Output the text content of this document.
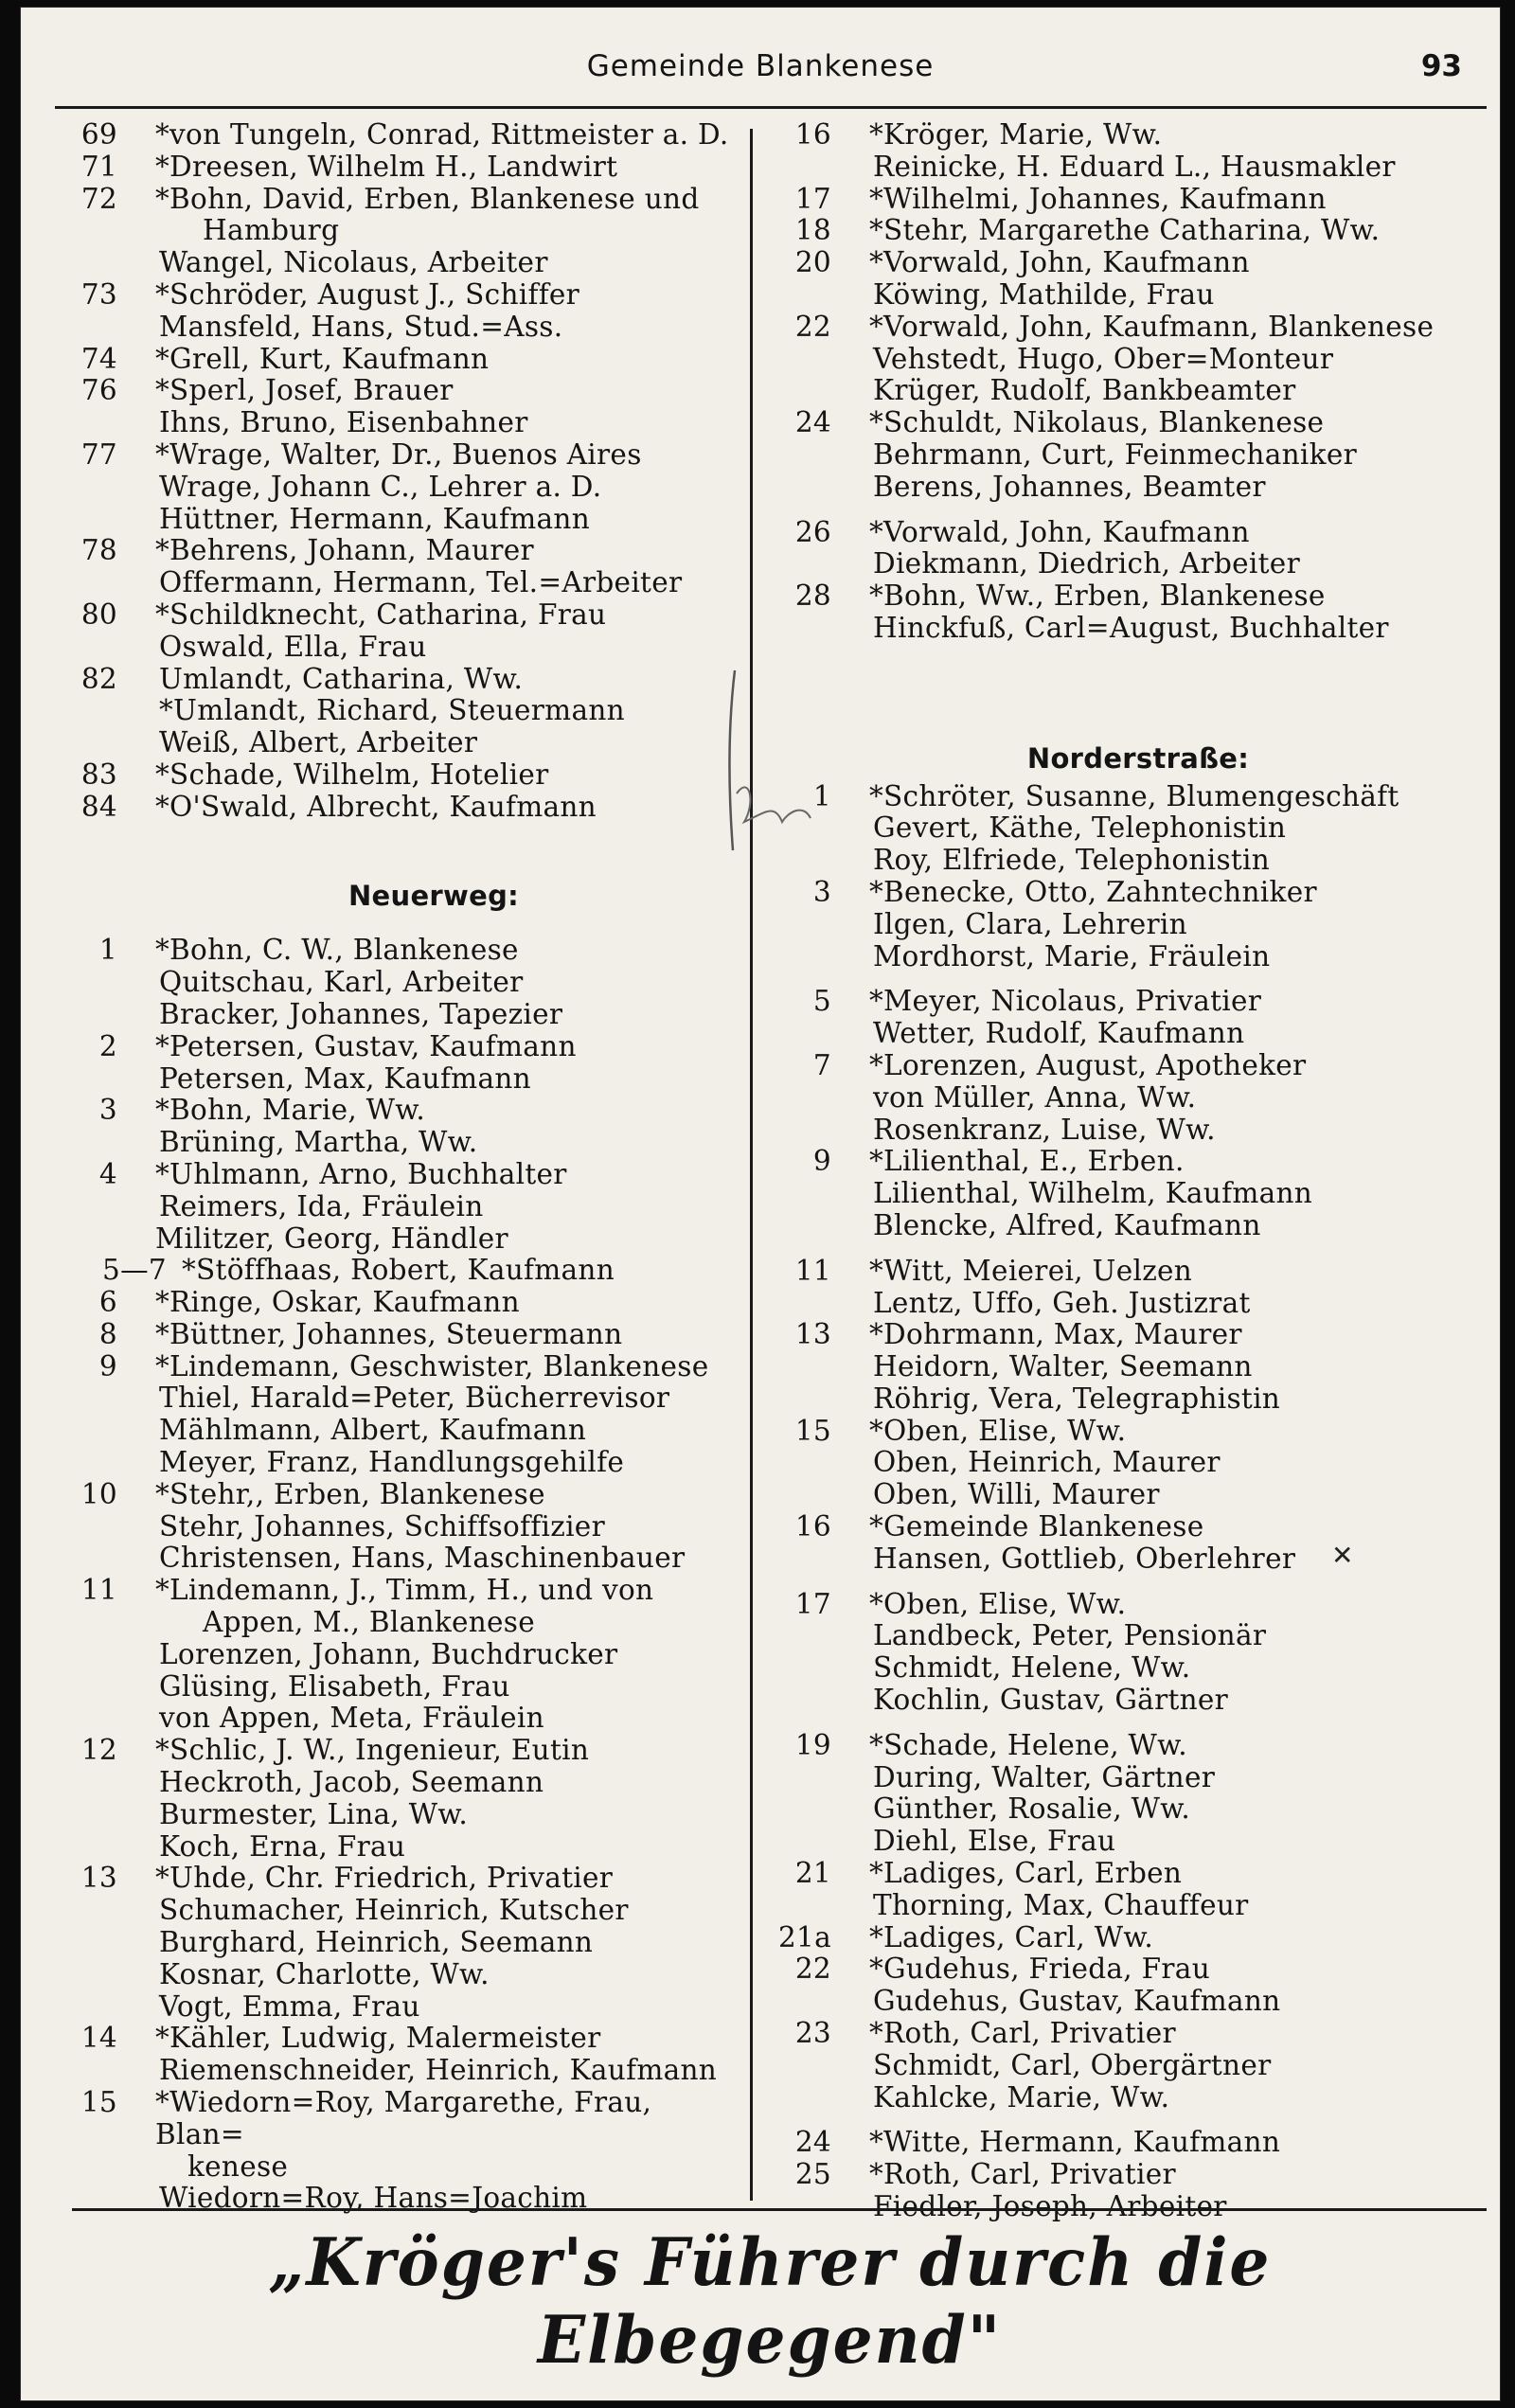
Gemeinde Blankenese	93
69	*von Tungeln, Conrad, Rittmeister a. D.
71	*Dreesen, Wilhelm H., Landwirt
72	*Bohn, David, Erben, Blankenese und
Hamburg
Wangel, Nicolaus, Arbeiter
73	*Schröder, August J., Schiffer
Mansfeld, Hans, Stud.=Ass.
74	*Grell, Kurt, Kaufmann
76	*Sperl, Josef, Brauer
Ihns, Bruno, Eisenbahner
77	*Wrage, Walter, Dr., Buenos Aires
Wrage, Johann C., Lehrer a. D.
Hüttner, Hermann, Kaufmann
78	*Behrens, Johann, Maurer
Offermann, Hermann, Tel.=Arbeiter
80	*Schildknecht, Catharina, Frau
Oswald, Ella, Frau
82	Umlandt, Catharina, Ww.
*Umlandt, Richard, Steuermann
Weiß, Albert, Arbeiter
83	*Schade, Wilhelm, Hotelier
84	*O'Swald, Albrecht, Kaufmann
Neuerweg:
1	*Bohn, C. W., Blankenese
Quitschau, Karl, Arbeiter
Bracker, Johannes, Tapezier
2	*Petersen, Gustav, Kaufmann
Petersen, Max, Kaufmann
3	*Bohn, Marie, Ww.
Brüning, Martha, Ww.
4	*Uhlmann, Arno, Buchhalter
Reimers, Ida, Fräulein
Militzer, Georg, Händler
5—7 *Stöffhaas, Robert, Kaufmann
6	*Ringe, Oskar, Kaufmann
8	*Büttner, Johannes, Steuermann
9	*Lindemann, Geschwister, Blankenese
Thiel, Harald=Peter, Bücherrevisor
Mählmann, Albert, Kaufmann
Meyer, Franz, Handlungsgehilfe
10	*Stehr,, Erben, Blankenese
Stehr, Johannes, Schiffsoffizier
Christensen, Hans, Maschinenbauer
11	*Lindemann, J., Timm, H., und von
Appen, M., Blankenese
Lorenzen, Johann, Buchdrucker
Glüsing, Elisabeth, Frau
von Appen, Meta, Fräulein
12	*Schlic, J. W., Ingenieur, Eutin
Heckroth, Jacob, Seemann
Burmester, Lina, Ww.
Koch, Erna, Frau
13	*Uhde, Chr. Friedrich, Privatier
Schumacher, Heinrich, Kutscher
Burghard, Heinrich, Seemann
Kosnar, Charlotte, Ww.
Vogt, Emma, Frau
14	*Kähler, Ludwig, Malermeister
Riemenschneider, Heinrich, Kaufmann
15	*Wiedorn=Roy, Margarethe, Frau, Blan=
kenese
Wiedorn=Roy, Hans=Joachim
16	*Kröger, Marie, Ww.
Reinicke, H. Eduard L., Hausmakler
17	*Wilhelmi, Johannes, Kaufmann
18	*Stehr, Margarethe Catharina, Ww.
20	*Vorwald, John, Kaufmann
Köwing, Mathilde, Frau
22	*Vorwald, John, Kaufmann, Blankenese
Vehstedt, Hugo, Ober=Monteur
Krüger, Rudolf, Bankbeamter
24	*Schuldt, Nikolaus, Blankenese
Behrmann, Curt, Feinmechaniker
Berens, Johannes, Beamter
26	*Vorwald, John, Kaufmann
Diekmann, Diedrich, Arbeiter
28	*Bohn, Ww., Erben, Blankenese
Hinckfuß, Carl=August, Buchhalter
Norderstraße:
1	*Schröter, Susanne, Blumengeschäft
Gevert, Käthe, Telephonistin
Roy, Elfriede, Telephonistin
3	*Benecke, Otto, Zahntechniker
Ilgen, Clara, Lehrerin
Mordhorst, Marie, Fräulein
5	*Meyer, Nicolaus, Privatier
Wetter, Rudolf, Kaufmann
7	*Lorenzen, August, Apotheker
von Müller, Anna, Ww.
Rosenkranz, Luise, Ww.
9	*Lilienthal, E., Erben.
Lilienthal, Wilhelm, Kaufmann
Blencke, Alfred, Kaufmann
11	*Witt, Meierei, Uelzen
Lentz, Uffo, Geh. Justizrat
13	*Dohrmann, Max, Maurer
Heidorn, Walter, Seemann
Röhrig, Vera, Telegraphistin
15	*Oben, Elise, Ww.
Oben, Heinrich, Maurer
Oben, Willi, Maurer
16	*Gemeinde Blankenese
Hansen, Gottlieb, Oberlehrer
17	*Oben, Elise, Ww.
Landbeck, Peter, Pensionär
Schmidt, Helene, Ww.
Kochlin, Gustav, Gärtner
19	*Schade, Helene, Ww.
During, Walter, Gärtner
Günther, Rosalie, Ww.
Diehl, Else, Frau
21	*Ladiges, Carl, Erben
Thorning, Max, Chauffeur
21a	*Ladiges, Carl, Ww.
22	*Gudehus, Frieda, Frau
Gudehus, Gustav, Kaufmann
23	*Roth, Carl, Privatier
Schmidt, Carl, Obergärtner
Kahlcke, Marie, Ww.
24	*Witte, Hermann, Kaufmann
25	*Roth, Carl, Privatier
Fiedler, Joseph, Arbeiter
✕
„Kröger's Führer durch die Elbegegend"
